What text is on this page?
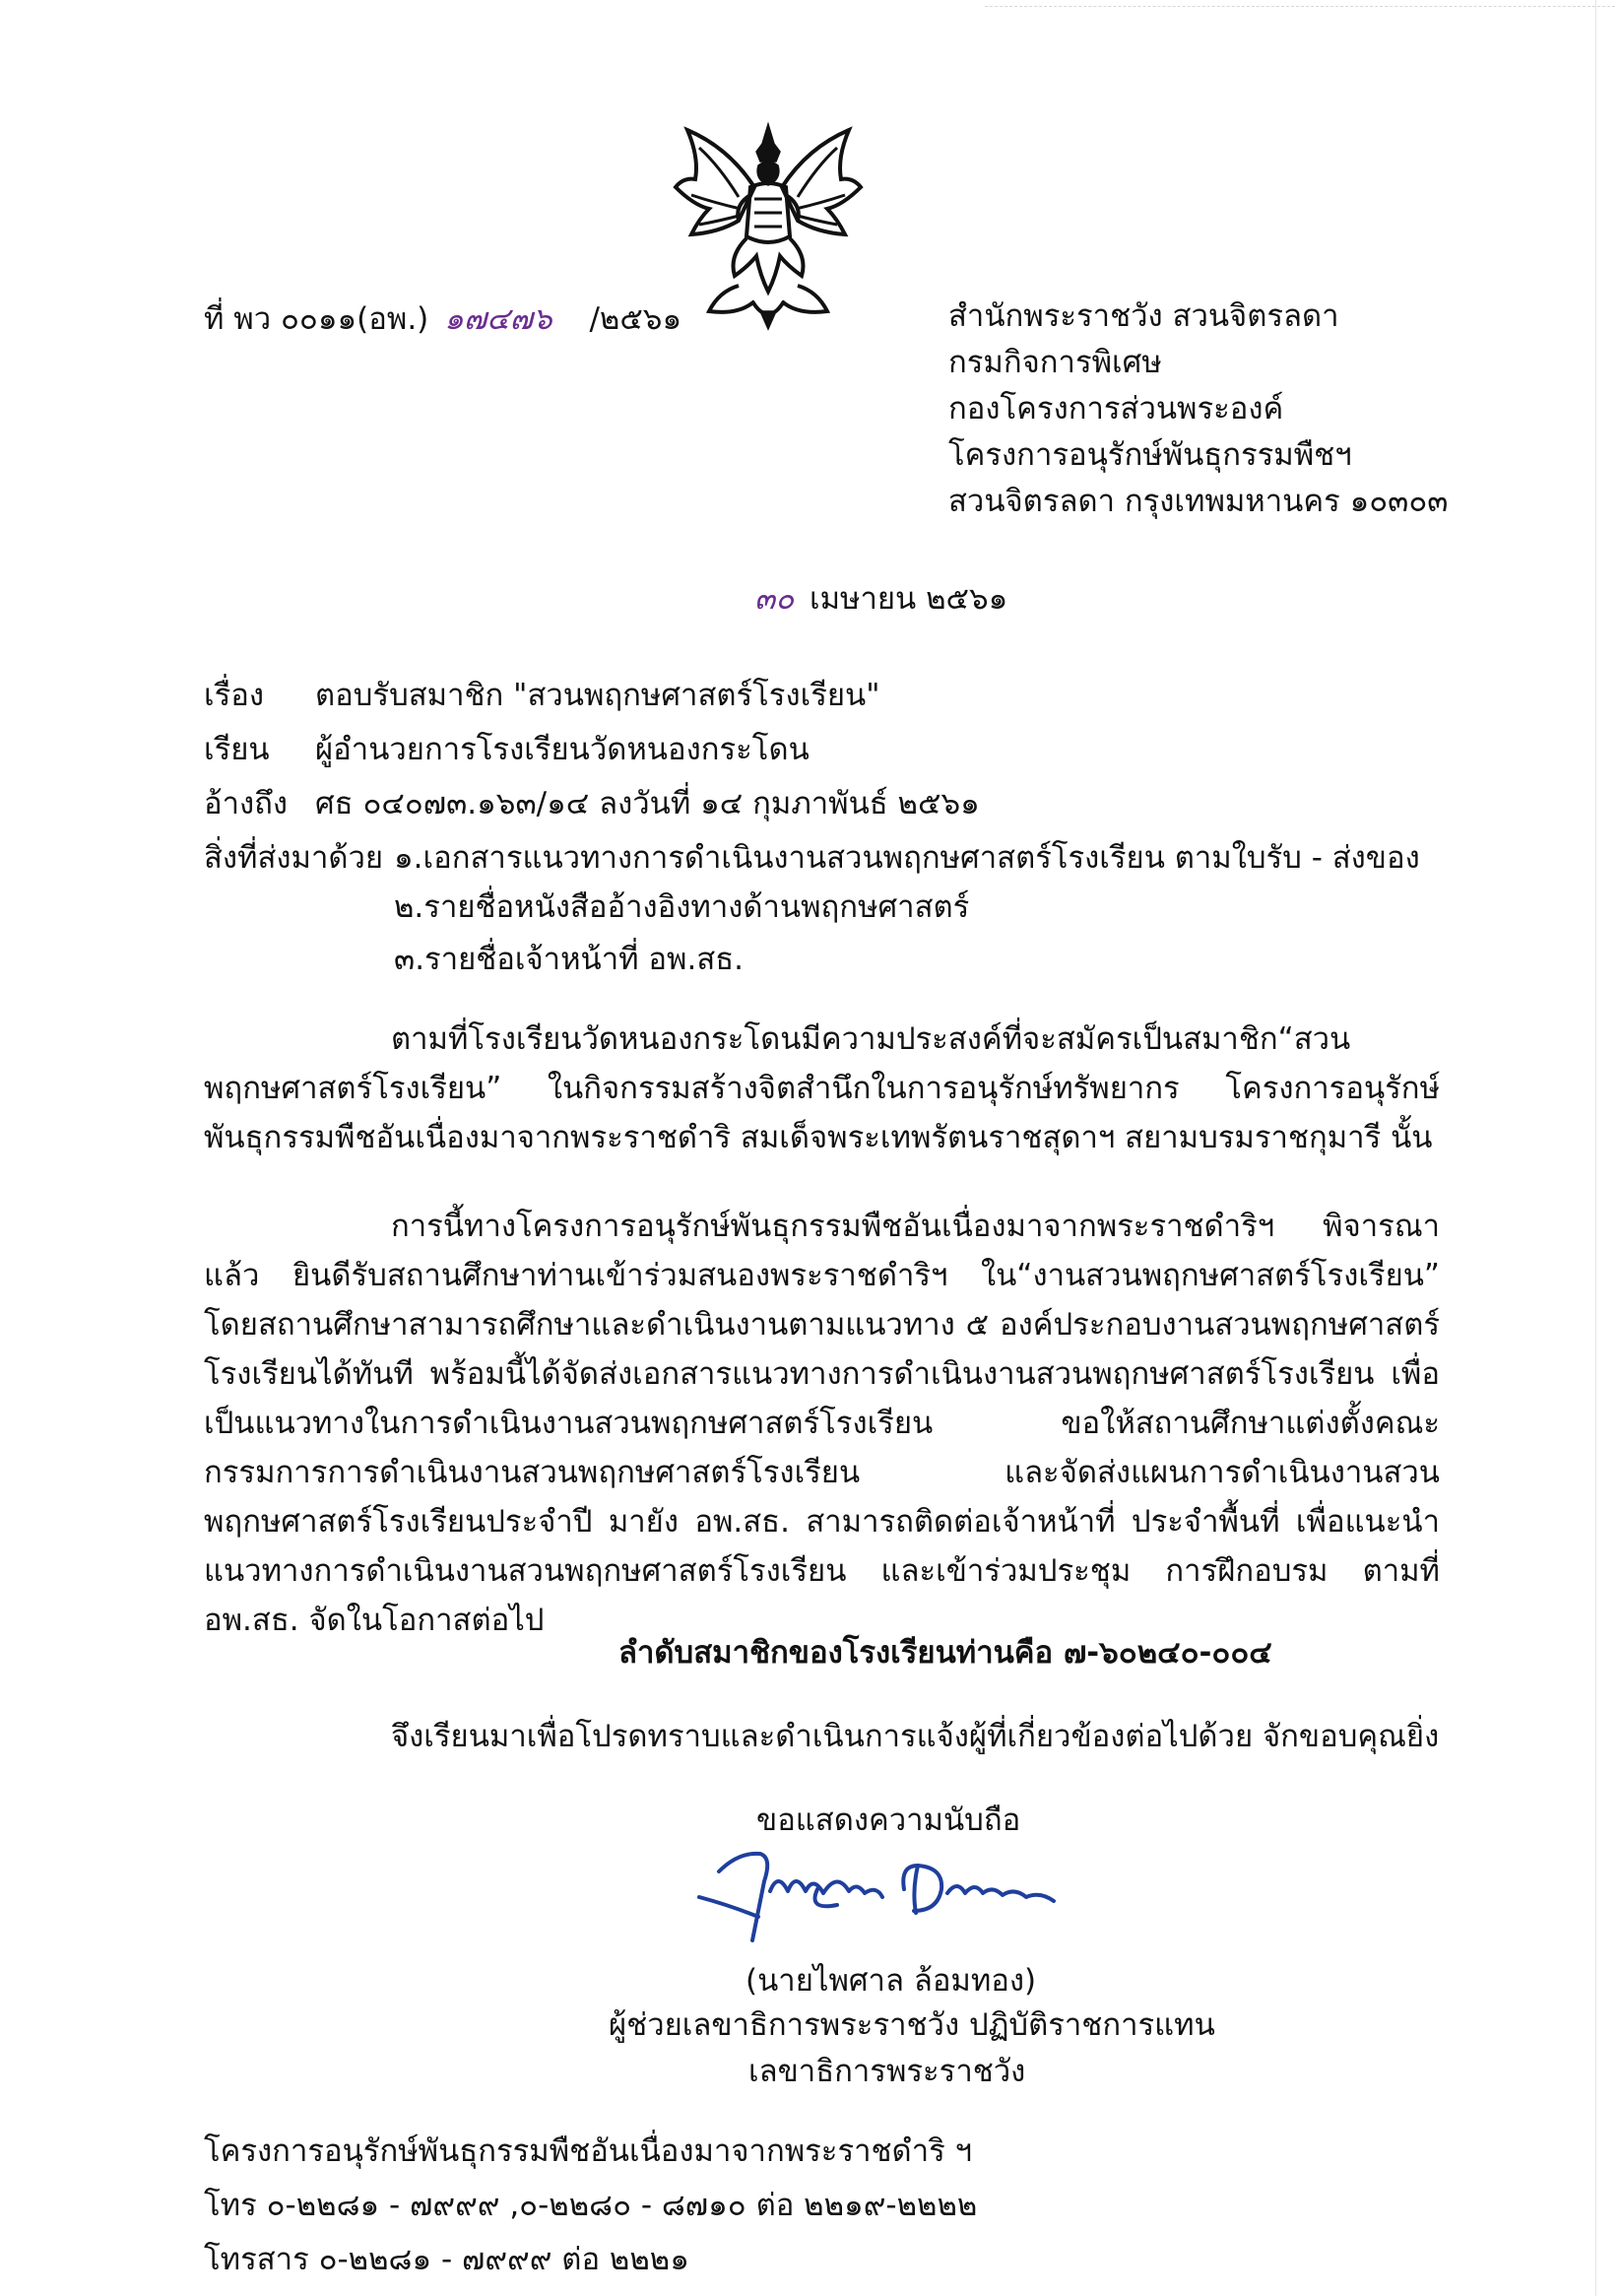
ที่ พว ๐๐๑๑(อพ.) ๑๗๔๗๖ /๒๕๖๑	สำนักพระราชวัง สวนจิตรลดา
กรมกิจการพิเศษ
กองโครงการส่วนพระองค์
โครงการอนุรักษ์พันธุกรรมพืชฯ
สวนจิตรลดา กรุงเทพมหานคร ๑๐๓๐๓
๓๐ เมษายน ๒๕๖๑
เรื่อง ตอบรับสมาชิก "สวนพฤกษศาสตร์โรงเรียน"
เรียน ผู้อำนวยการโรงเรียนวัดหนองกระโดน
อ้างถึง ศธ ๐๔๐๗๓.๑๖๓/๑๔ ลงวันที่ ๑๔ กุมภาพันธ์ ๒๕๖๑
สิ่งที่ส่งมาด้วย ๑.เอกสารแนวทางการดำเนินงานสวนพฤกษศาสตร์โรงเรียน ตามใบรับ - ส่งของ
๒.รายชื่อหนังสืออ้างอิงทางด้านพฤกษศาสตร์
๓.รายชื่อเจ้าหน้าที่ อพ.สธ.
ตามที่โรงเรียนวัดหนองกระโดนมีความประสงค์ที่จะสมัครเป็นสมาชิก“สวนพฤกษศาสตร์โรงเรียน” ในกิจกรรมสร้างจิตสำนึกในการอนุรักษ์ทรัพยากร โครงการอนุรักษ์พันธุกรรมพืชอันเนื่องมาจากพระราชดำริ สมเด็จพระเทพรัตนราชสุดาฯ สยามบรมราชกุมารี นั้น
การนี้ทางโครงการอนุรักษ์พันธุกรรมพืชอันเนื่องมาจากพระราชดำริฯ พิจารณาแล้ว ยินดีรับสถานศึกษาท่านเข้าร่วมสนองพระราชดำริฯ ใน“งานสวนพฤกษศาสตร์โรงเรียน” โดยสถานศึกษาสามารถศึกษาและดำเนินงานตามแนวทาง ๕ องค์ประกอบงานสวนพฤกษศาสตร์โรงเรียนได้ทันที พร้อมนี้ได้จัดส่งเอกสารแนวทางการดำเนินงานสวนพฤกษศาสตร์โรงเรียน เพื่อเป็นแนวทางในการดำเนินงานสวนพฤกษศาสตร์โรงเรียน ขอให้สถานศึกษาแต่งตั้งคณะกรรมการการดำเนินงานสวนพฤกษศาสตร์โรงเรียน และจัดส่งแผนการดำเนินงานสวนพฤกษศาสตร์โรงเรียนประจำปี มายัง อพ.สธ. สามารถติดต่อเจ้าหน้าที่ ประจำพื้นที่ เพื่อแนะนำแนวทางการดำเนินงานสวนพฤกษศาสตร์โรงเรียน และเข้าร่วมประชุม การฝึกอบรม ตามที่ อพ.สธ. จัดในโอกาสต่อไป
ลำดับสมาชิกของโรงเรียนท่านคือ ๗-๖๐๒๔๐-๐๐๔
จึงเรียนมาเพื่อโปรดทราบและดำเนินการแจ้งผู้ที่เกี่ยวข้องต่อไปด้วย จักขอบคุณยิ่ง
ขอแสดงความนับถือ
(นายไพศาล ล้อมทอง)
ผู้ช่วยเลขาธิการพระราชวัง ปฏิบัติราชการแทน
เลขาธิการพระราชวัง
โครงการอนุรักษ์พันธุกรรมพืชอันเนื่องมาจากพระราชดำริ ฯ
โทร ๐-๒๒๘๑ - ๗๙๙๙ ,๐-๒๒๘๐ - ๘๗๑๐ ต่อ ๒๒๑๙-๒๒๒๒
โทรสาร ๐-๒๒๘๑ - ๗๙๙๙ ต่อ ๒๒๒๑
